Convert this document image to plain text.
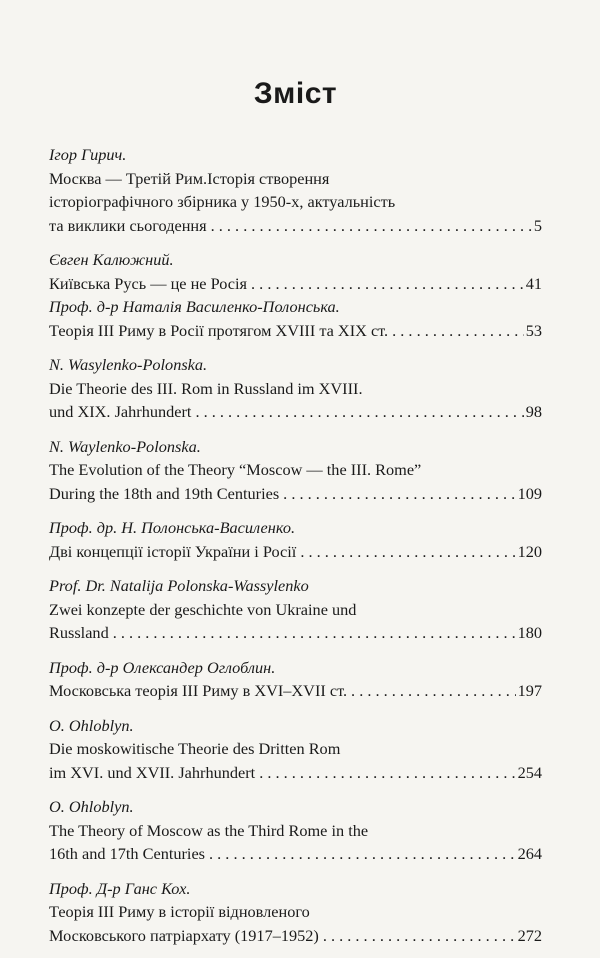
Зміст
Ігор Гирич.
Москва — Третій Рим.Історія створення
історіографічного збірника у 1950-х, актуальність
та виклики сьогодення . . .	5
Євген Калюжний.
Київська Русь — це не Росія . . .	41
Проф. д-р Наталія Василенко-Полонська.
Теорія III Риму в Росії протягом XVIII та XIX ст. . . .	53
N. Wasylenko-Polonska.
Die Theorie des III. Rom in Russland im XVIII.
und XIX. Jahrhundert . . .	98
N. Waylenko-Polonska.
The Evolution of the Theory “Moscow — the III. Rome”
During the 18th and 19th Centuries . . .	109
Проф. др. Н. Полонська-Василенко.
Дві концепції історії України і Росії . . .	120
Prof. Dr. Natalija Polonska-Wassylenko
Zwei konzepte der geschichte von Ukraine und
Russland . . .	180
Проф. д-р Олександер Оглоблин.
Московська теорія III Риму в XVI–XVII ст. . . .	197
O. Ohloblyn.
Die moskowitische Theorie des Dritten Rom
im XVI. und XVII. Jahrhundert . . .	254
O. Ohloblyn.
The Theory of Moscow as the Third Rome in the
16th and 17th Centuries . . .	264
Проф. Д-р Ганс Кох.
Теорія III Риму в історії відновленого
Московського патріархату (1917–1952) . . .	272
